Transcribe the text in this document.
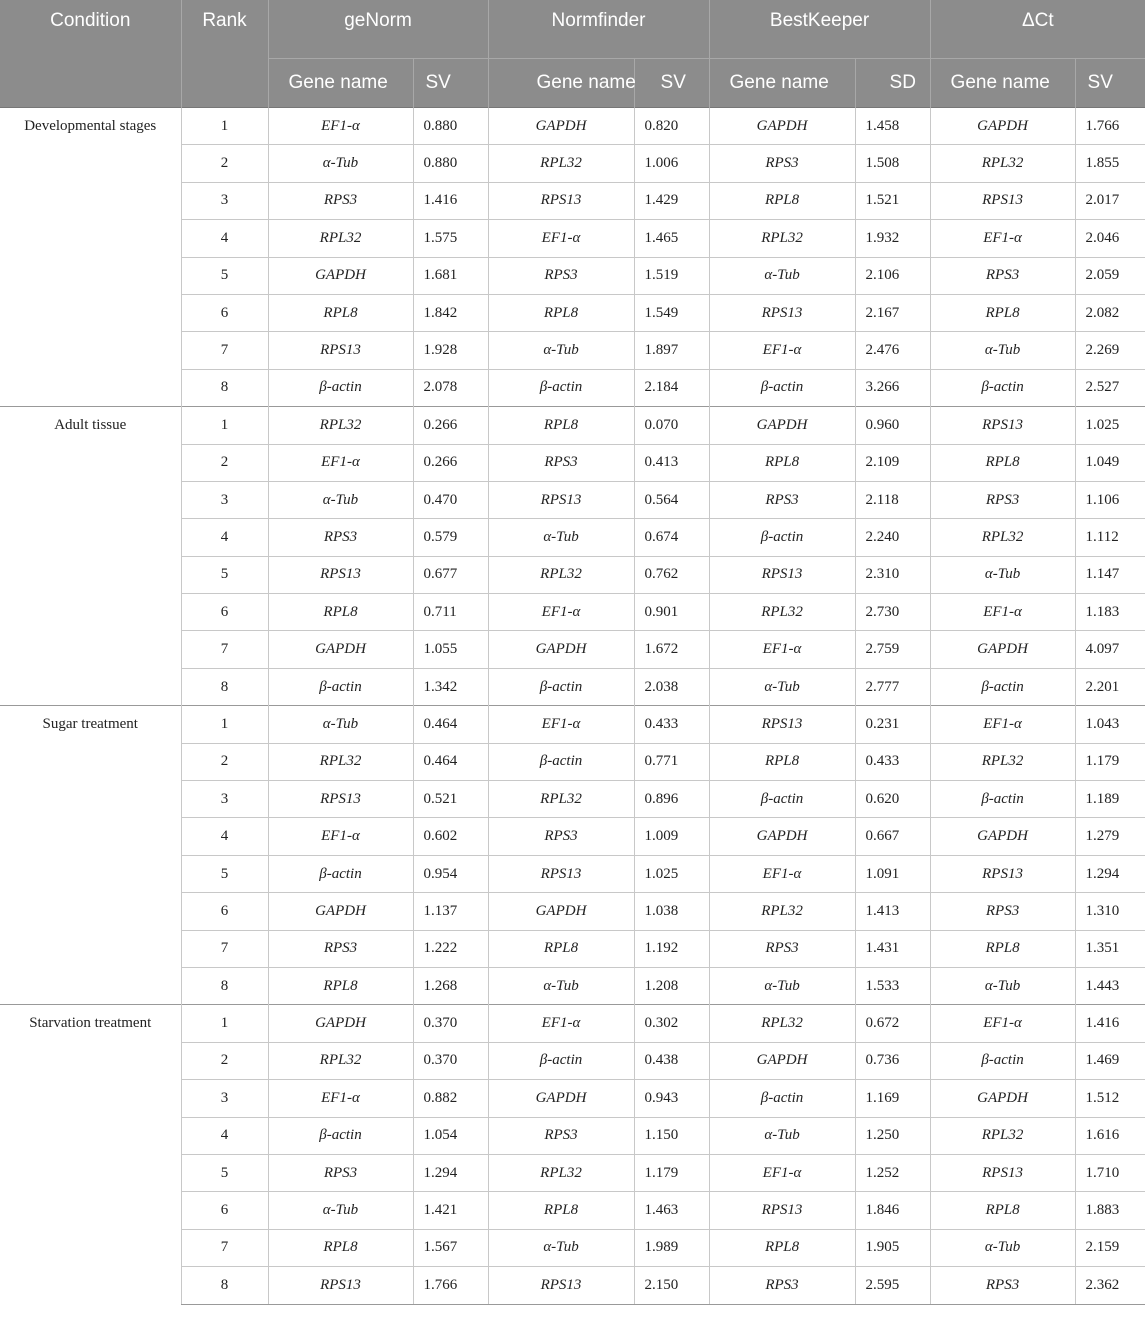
Condition	Rank	geNorm		Normfinder		BestKeeper		ΔCt	
		Gene name	SV	Gene name	SV	Gene name	SD	Gene name	SV
Developmental stages	1	EF1-α	0.880	GAPDH	0.820	GAPDH	1.458	GAPDH	1.766
	2	α-Tub	0.880	RPL32	1.006	RPS3	1.508	RPL32	1.855
	3	RPS3	1.416	RPS13	1.429	RPL8	1.521	RPS13	2.017
	4	RPL32	1.575	EF1-α	1.465	RPL32	1.932	EF1-α	2.046
	5	GAPDH	1.681	RPS3	1.519	α-Tub	2.106	RPS3	2.059
	6	RPL8	1.842	RPL8	1.549	RPS13	2.167	RPL8	2.082
	7	RPS13	1.928	α-Tub	1.897	EF1-α	2.476	α-Tub	2.269
	8	β-actin	2.078	β-actin	2.184	β-actin	3.266	β-actin	2.527
Adult tissue	1	RPL32	0.266	RPL8	0.070	GAPDH	0.960	RPS13	1.025
	2	EF1-α	0.266	RPS3	0.413	RPL8	2.109	RPL8	1.049
	3	α-Tub	0.470	RPS13	0.564	RPS3	2.118	RPS3	1.106
	4	RPS3	0.579	α-Tub	0.674	β-actin	2.240	RPL32	1.112
	5	RPS13	0.677	RPL32	0.762	RPS13	2.310	α-Tub	1.147
	6	RPL8	0.711	EF1-α	0.901	RPL32	2.730	EF1-α	1.183
	7	GAPDH	1.055	GAPDH	1.672	EF1-α	2.759	GAPDH	4.097
	8	β-actin	1.342	β-actin	2.038	α-Tub	2.777	β-actin	2.201
Sugar treatment	1	α-Tub	0.464	EF1-α	0.433	RPS13	0.231	EF1-α	1.043
	2	RPL32	0.464	β-actin	0.771	RPL8	0.433	RPL32	1.179
	3	RPS13	0.521	RPL32	0.896	β-actin	0.620	β-actin	1.189
	4	EF1-α	0.602	RPS3	1.009	GAPDH	0.667	GAPDH	1.279
	5	β-actin	0.954	RPS13	1.025	EF1-α	1.091	RPS13	1.294
	6	GAPDH	1.137	GAPDH	1.038	RPL32	1.413	RPS3	1.310
	7	RPS3	1.222	RPL8	1.192	RPS3	1.431	RPL8	1.351
	8	RPL8	1.268	α-Tub	1.208	α-Tub	1.533	α-Tub	1.443
Starvation treatment	1	GAPDH	0.370	EF1-α	0.302	RPL32	0.672	EF1-α	1.416
	2	RPL32	0.370	β-actin	0.438	GAPDH	0.736	β-actin	1.469
	3	EF1-α	0.882	GAPDH	0.943	β-actin	1.169	GAPDH	1.512
	4	β-actin	1.054	RPS3	1.150	α-Tub	1.250	RPL32	1.616
	5	RPS3	1.294	RPL32	1.179	EF1-α	1.252	RPS13	1.710
	6	α-Tub	1.421	RPL8	1.463	RPS13	1.846	RPL8	1.883
	7	RPL8	1.567	α-Tub	1.989	RPL8	1.905	α-Tub	2.159
	8	RPS13	1.766	RPS13	2.150	RPS3	2.595	RPS3	2.362
